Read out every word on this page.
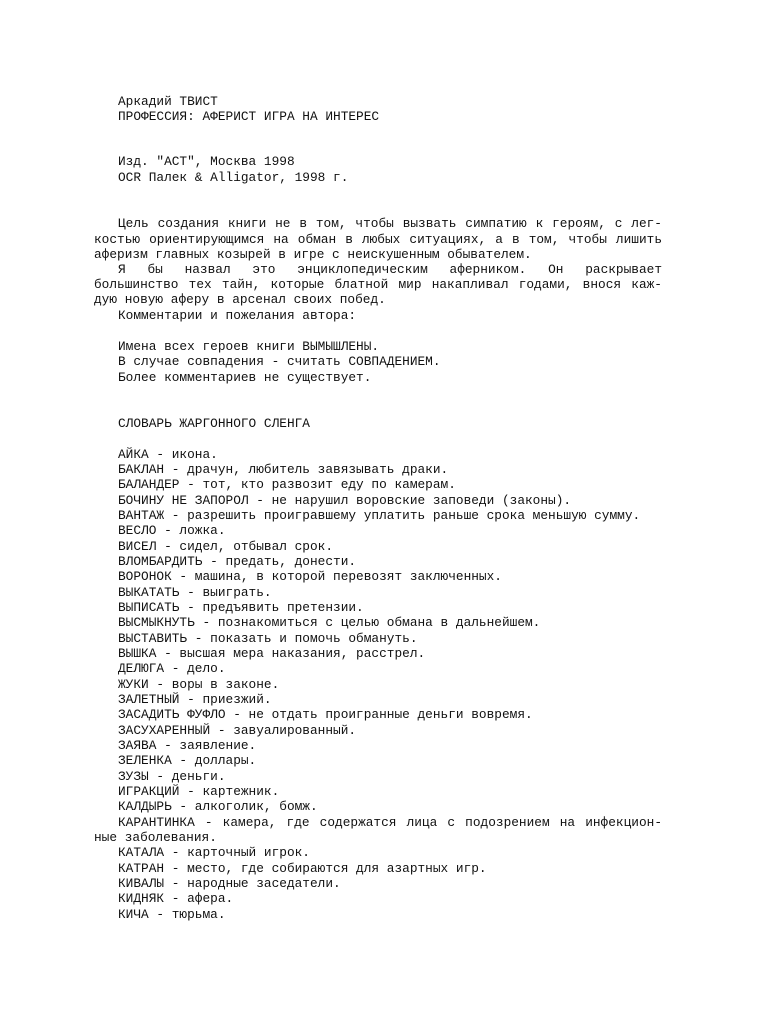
Аркадий ТВИСТ
ПРОФЕССИЯ: АФЕРИСТ ИГРА НА ИНТЕРЕС
Изд. "АСТ", Москва 1998
OCR Палек & Alligator, 1998 г.
Цель создания книги не в том, чтобы вызвать симпатию к героям, с лег-
костью ориентирующимся на обман в любых ситуациях, а в том, чтобы лишить
аферизм главных козырей в игре с неискушенным обывателем.
Я бы назвал это энциклопедическим аферником. Он раскрывает
большинство тех тайн, которые блатной мир накапливал годами, внося каж-
дую новую аферу в арсенал своих побед.
Комментарии и пожелания автора:
Имена всех героев книги ВЫМЫШЛЕНЫ.
В случае совпадения - считать СОВПАДЕНИЕМ.
Более комментариев не существует.
СЛОВАРЬ ЖАРГОННОГО СЛЕНГА
АЙКА - икона.
БАКЛАН - драчун, любитель завязывать драки.
БАЛАНДЕР - тот, кто развозит еду по камерам.
БОЧИНУ НЕ ЗАПОРОЛ - не нарушил воровские заповеди (законы).
ВАНТАЖ - разрешить проигравшему уплатить раньше срока меньшую сумму.
ВЕСЛО - ложка.
ВИСЕЛ - сидел, отбывал срок.
ВЛОМБАРДИТЬ - предать, донести.
ВОРОНОК - машина, в которой перевозят заключенных.
ВЫКАТАТЬ - выиграть.
ВЫПИСАТЬ - предъявить претензии.
ВЫСМЫКНУТЬ - познакомиться с целью обмана в дальнейшем.
ВЫСТАВИТЬ - показать и помочь обмануть.
ВЫШКА - высшая мера наказания, расстрел.
ДЕЛЮГА - дело.
ЖУКИ - воры в законе.
ЗАЛЕТНЫЙ - приезжий.
ЗАСАДИТЬ ФУФЛО - не отдать проигранные деньги вовремя.
ЗАСУХАРЕННЫЙ - завуалированный.
ЗАЯВА - заявление.
ЗЕЛЕНКА - доллары.
ЗУЗЫ - деньги.
ИГРАКЦИЙ - картежник.
КАЛДЫРЬ - алкоголик, бомж.
КАРАНТИНКА - камера, где содержатся лица с подозрением на инфекцион-
ные заболевания.
КАТАЛА - карточный игрок.
КАТРАН - место, где собираются для азартных игр.
КИВАЛЫ - народные заседатели.
КИДНЯК - афера.
КИЧА - тюрьма.
